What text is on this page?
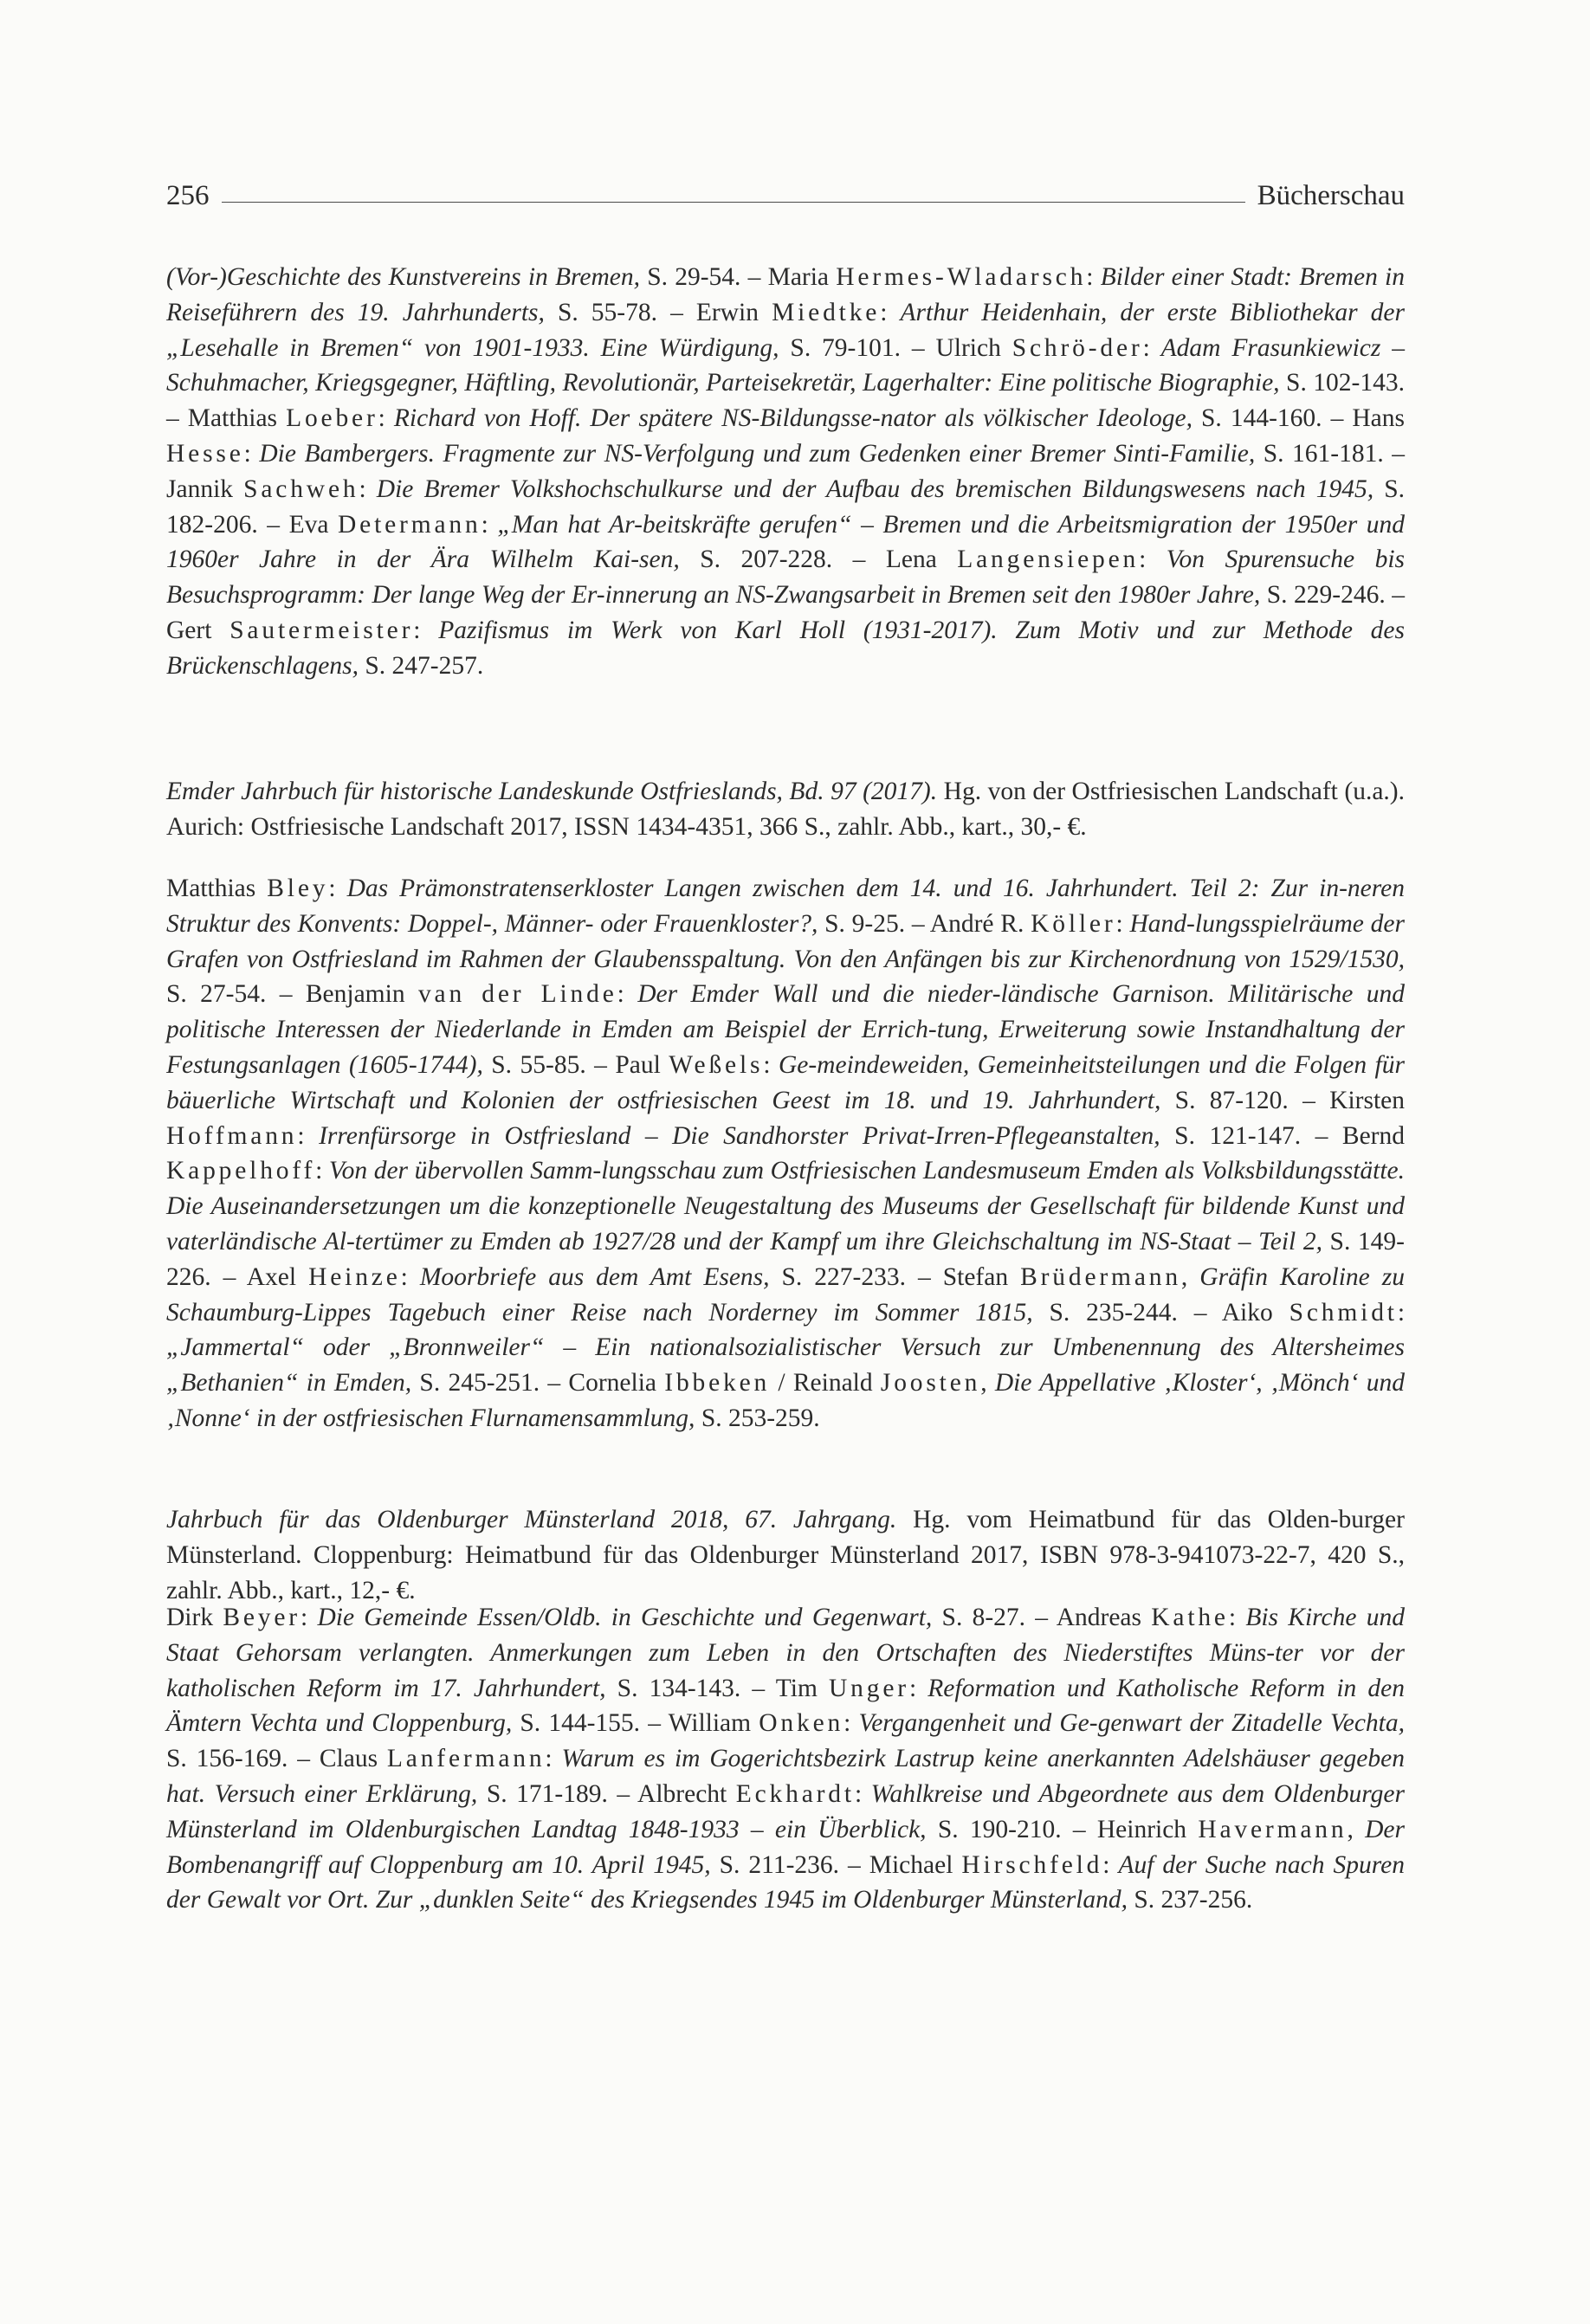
256	Bücherschau
(Vor-)Geschichte des Kunstvereins in Bremen, S. 29-54. – Maria Hermes-Wladarsch: Bilder einer Stadt: Bremen in Reiseführern des 19. Jahrhunderts, S. 55-78. – Erwin Miedtke: Arthur Heidenhain, der erste Bibliothekar der „Lesehalle in Bremen“ von 1901-1933. Eine Würdigung, S. 79-101. – Ulrich Schrö-der: Adam Frasunkiewicz – Schuhmacher, Kriegsgegner, Häftling, Revolutionär, Parteisekretär, Lagerhalter: Eine politische Biographie, S. 102-143. – Matthias Loeber: Richard von Hoff. Der spätere NS-Bildungsse-nator als völkischer Ideologe, S. 144-160. – Hans Hesse: Die Bambergers. Fragmente zur NS-Verfolgung und zum Gedenken einer Bremer Sinti-Familie, S. 161-181. – Jannik Sachweh: Die Bremer Volkshochschulkurse und der Aufbau des bremischen Bildungswesens nach 1945, S. 182-206. – Eva Determann: „Man hat Ar-beitskräfte gerufen“ – Bremen und die Arbeitsmigration der 1950er und 1960er Jahre in der Ära Wilhelm Kai-sen, S. 207-228. – Lena Langensiepen: Von Spurensuche bis Besuchsprogramm: Der lange Weg der Er-innerung an NS-Zwangsarbeit in Bremen seit den 1980er Jahre, S. 229-246. – Gert Sautermeister: Pazifismus im Werk von Karl Holl (1931-2017). Zum Motiv und zur Methode des Brückenschlagens, S. 247-257.
Emder Jahrbuch für historische Landeskunde Ostfrieslands, Bd. 97 (2017). Hg. von der Ostfriesischen Landschaft (u.a.). Aurich: Ostfriesische Landschaft 2017, ISSN 1434-4351, 366 S., zahlr. Abb., kart., 30,- €.
Matthias Bley: Das Prämonstratenserkloster Langen zwischen dem 14. und 16. Jahrhundert. Teil 2: Zur in-neren Struktur des Konvents: Doppel-, Männer- oder Frauenkloster?, S. 9-25. – André R. Köller: Hand-lungsspielräume der Grafen von Ostfriesland im Rahmen der Glaubensspaltung. Von den Anfängen bis zur Kirchenordnung von 1529/1530, S. 27-54. – Benjamin van der Linde: Der Emder Wall und die nieder-ländische Garnison. Militärische und politische Interessen der Niederlande in Emden am Beispiel der Errich-tung, Erweiterung sowie Instandhaltung der Festungsanlagen (1605-1744), S. 55-85. – Paul Weßels: Ge-meindeweiden, Gemeinheitsteilungen und die Folgen für bäuerliche Wirtschaft und Kolonien der ostfriesischen Geest im 18. und 19. Jahrhundert, S. 87-120. – Kirsten Hoffmann: Irrenfürsorge in Ostfriesland – Die Sandhorster Privat-Irren-Pflegeanstalten, S. 121-147. – Bernd Kappelhoff: Von der übervollen Samm-lungsschau zum Ostfriesischen Landesmuseum Emden als Volksbildungsstätte. Die Auseinandersetzungen um die konzeptionelle Neugestaltung des Museums der Gesellschaft für bildende Kunst und vaterländische Al-tertümer zu Emden ab 1927/28 und der Kampf um ihre Gleichschaltung im NS-Staat – Teil 2, S. 149-226. – Axel Heinze: Moorbriefe aus dem Amt Esens, S. 227-233. – Stefan Brüdermann, Gräfin Karoline zu Schaumburg-Lippes Tagebuch einer Reise nach Norderney im Sommer 1815, S. 235-244. – Aiko Schmidt: „Jammertal“ oder „Bronnweiler“ – Ein nationalsozialistischer Versuch zur Umbenennung des Altersheimes „Bethanien“ in Emden, S. 245-251. – Cornelia Ibbeken / Reinald Joosten, Die Appellative ‚Kloster‘, ‚Mönch‘ und ‚Nonne‘ in der ostfriesischen Flurnamensammlung, S. 253-259.
Jahrbuch für das Oldenburger Münsterland 2018, 67. Jahrgang. Hg. vom Heimatbund für das Olden-burger Münsterland. Cloppenburg: Heimatbund für das Oldenburger Münsterland 2017, ISBN 978-3-941073-22-7, 420 S., zahlr. Abb., kart., 12,- €.
Dirk Beyer: Die Gemeinde Essen/Oldb. in Geschichte und Gegenwart, S. 8-27. – Andreas Kathe: Bis Kirche und Staat Gehorsam verlangten. Anmerkungen zum Leben in den Ortschaften des Niederstiftes Müns-ter vor der katholischen Reform im 17. Jahrhundert, S. 134-143. – Tim Unger: Reformation und Katholische Reform in den Ämtern Vechta und Cloppenburg, S. 144-155. – William Onken: Vergangenheit und Ge-genwart der Zitadelle Vechta, S. 156-169. – Claus Lanfermann: Warum es im Gogerichtsbezirk Lastrup keine anerkannten Adelshäuser gegeben hat. Versuch einer Erklärung, S. 171-189. – Albrecht Eckhardt: Wahlkreise und Abgeordnete aus dem Oldenburger Münsterland im Oldenburgischen Landtag 1848-1933 – ein Überblick, S. 190-210. – Heinrich Havermann, Der Bombenangriff auf Cloppenburg am 10. April 1945, S. 211-236. – Michael Hirschfeld: Auf der Suche nach Spuren der Gewalt vor Ort. Zur „dunklen Seite“ des Kriegsendes 1945 im Oldenburger Münsterland, S. 237-256.
